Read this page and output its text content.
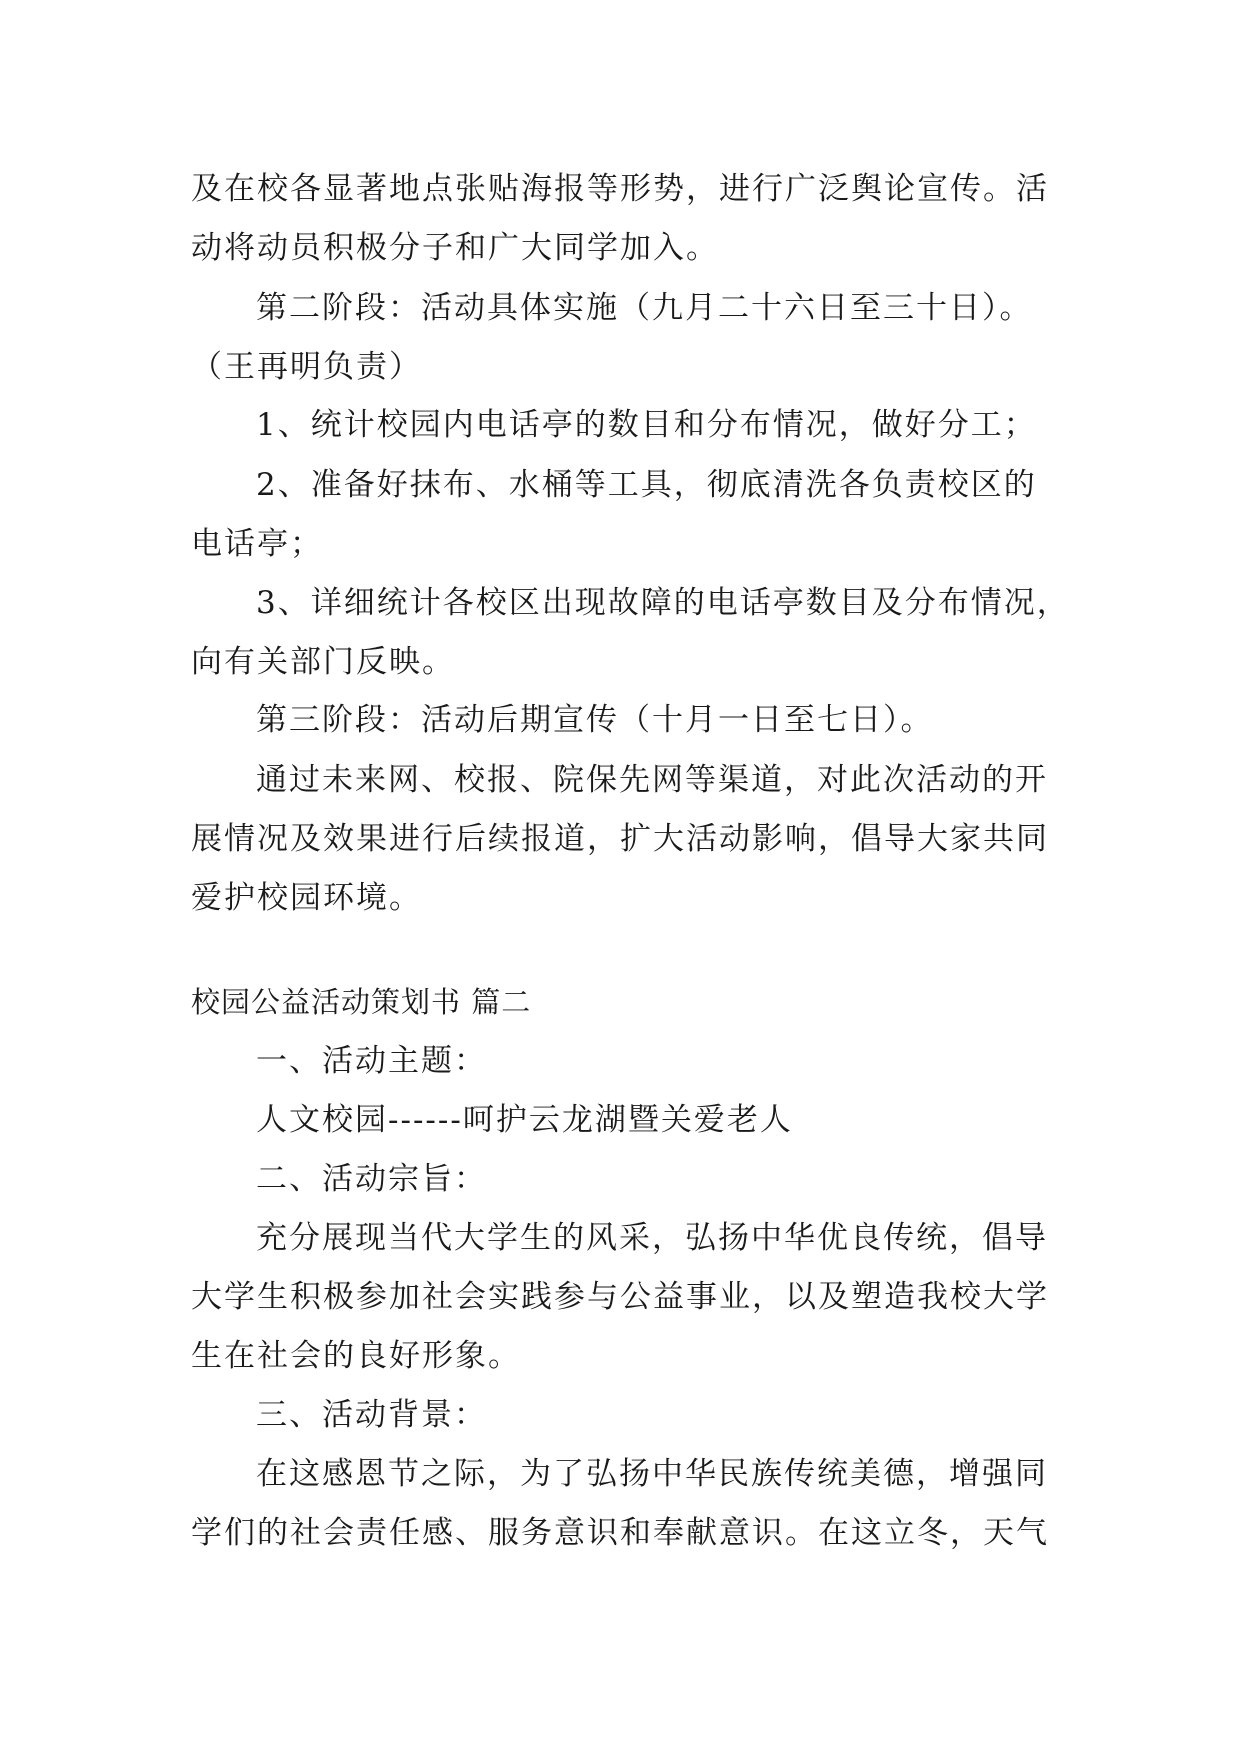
及在校各显著地点张贴海报等形势，进行广泛舆论宣传。活
动将动员积极分子和广大同学加入。
第二阶段：活动具体实施（九月二十六日至三十日）。
（王再明负责）
1、统计校园内电话亭的数目和分布情况，做好分工；
2、准备好抹布、水桶等工具，彻底清洗各负责校区的
电话亭；
3、详细统计各校区出现故障的电话亭数目及分布情况，
向有关部门反映。
第三阶段：活动后期宣传（十月一日至七日）。
通过未来网、校报、院保先网等渠道，对此次活动的开
展情况及效果进行后续报道，扩大活动影响，倡导大家共同
爱护校园环境。
校园公益活动策划书 篇二
一、活动主题：
人文校园------呵护云龙湖暨关爱老人
二、活动宗旨：
充分展现当代大学生的风采，弘扬中华优良传统，倡导
大学生积极参加社会实践参与公益事业，以及塑造我校大学
生在社会的良好形象。
三、活动背景：
在这感恩节之际，为了弘扬中华民族传统美德，增强同
学们的社会责任感、服务意识和奉献意识。在这立冬，天气
